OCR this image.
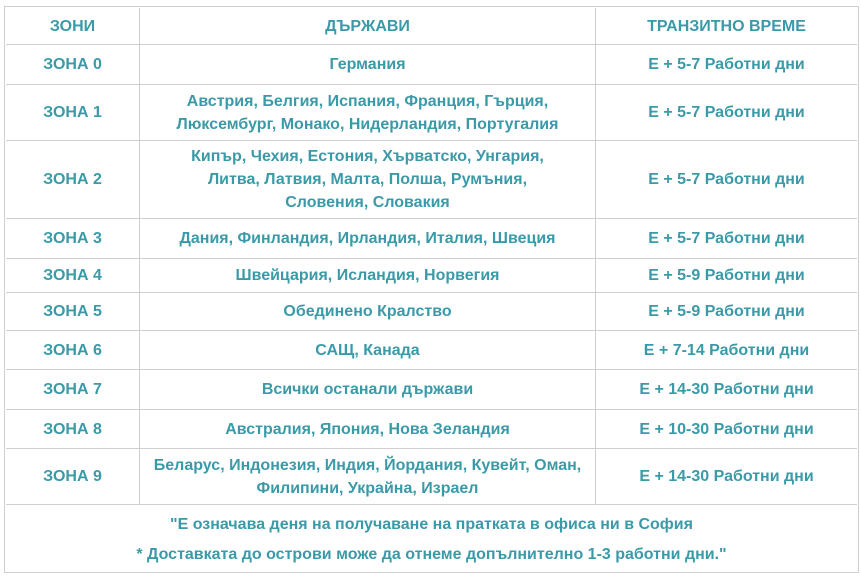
ЗОНИ	ДЪРЖАВИ	ТРАНЗИТНО ВРЕМЕ
ЗОНА 0	Германия	Е + 5-7 Работни дни
ЗОНА 1	Австрия, Белгия, Испания, Франция, Гърция, Люксембург, Монако, Нидерландия, Португалия	Е + 5-7 Работни дни
ЗОНА 2	Кипър, Чехия, Естония, Хърватско, Унгария, Литва, Латвия, Малта, Полша, Румъния, Словения, Словакия	Е + 5-7 Работни дни
ЗОНА 3	Дания, Финландия, Ирландия, Италия, Швеция	Е + 5-7 Работни дни
ЗОНА 4	Швейцария, Исландия, Норвегия	Е + 5-9 Работни дни
ЗОНА 5	Обединено Кралство	Е + 5-9 Работни дни
ЗОНА 6	САЩ, Канада	Е + 7-14 Работни дни
ЗОНА 7	Всички останали държави	Е + 14-30 Работни дни
ЗОНА 8	Австралия, Япония, Нова Зеландия	Е + 10-30 Работни дни
ЗОНА 9	Беларус, Индонезия, Индия, Йордания, Кувейт, Оман, Филипини, Украйна, Израел	Е + 14-30 Работни дни

"Е означава деня на получаване на пратката в офиса ни в София
* Доставката до острови може да отнеме допълнително 1-3 работни дни."		
